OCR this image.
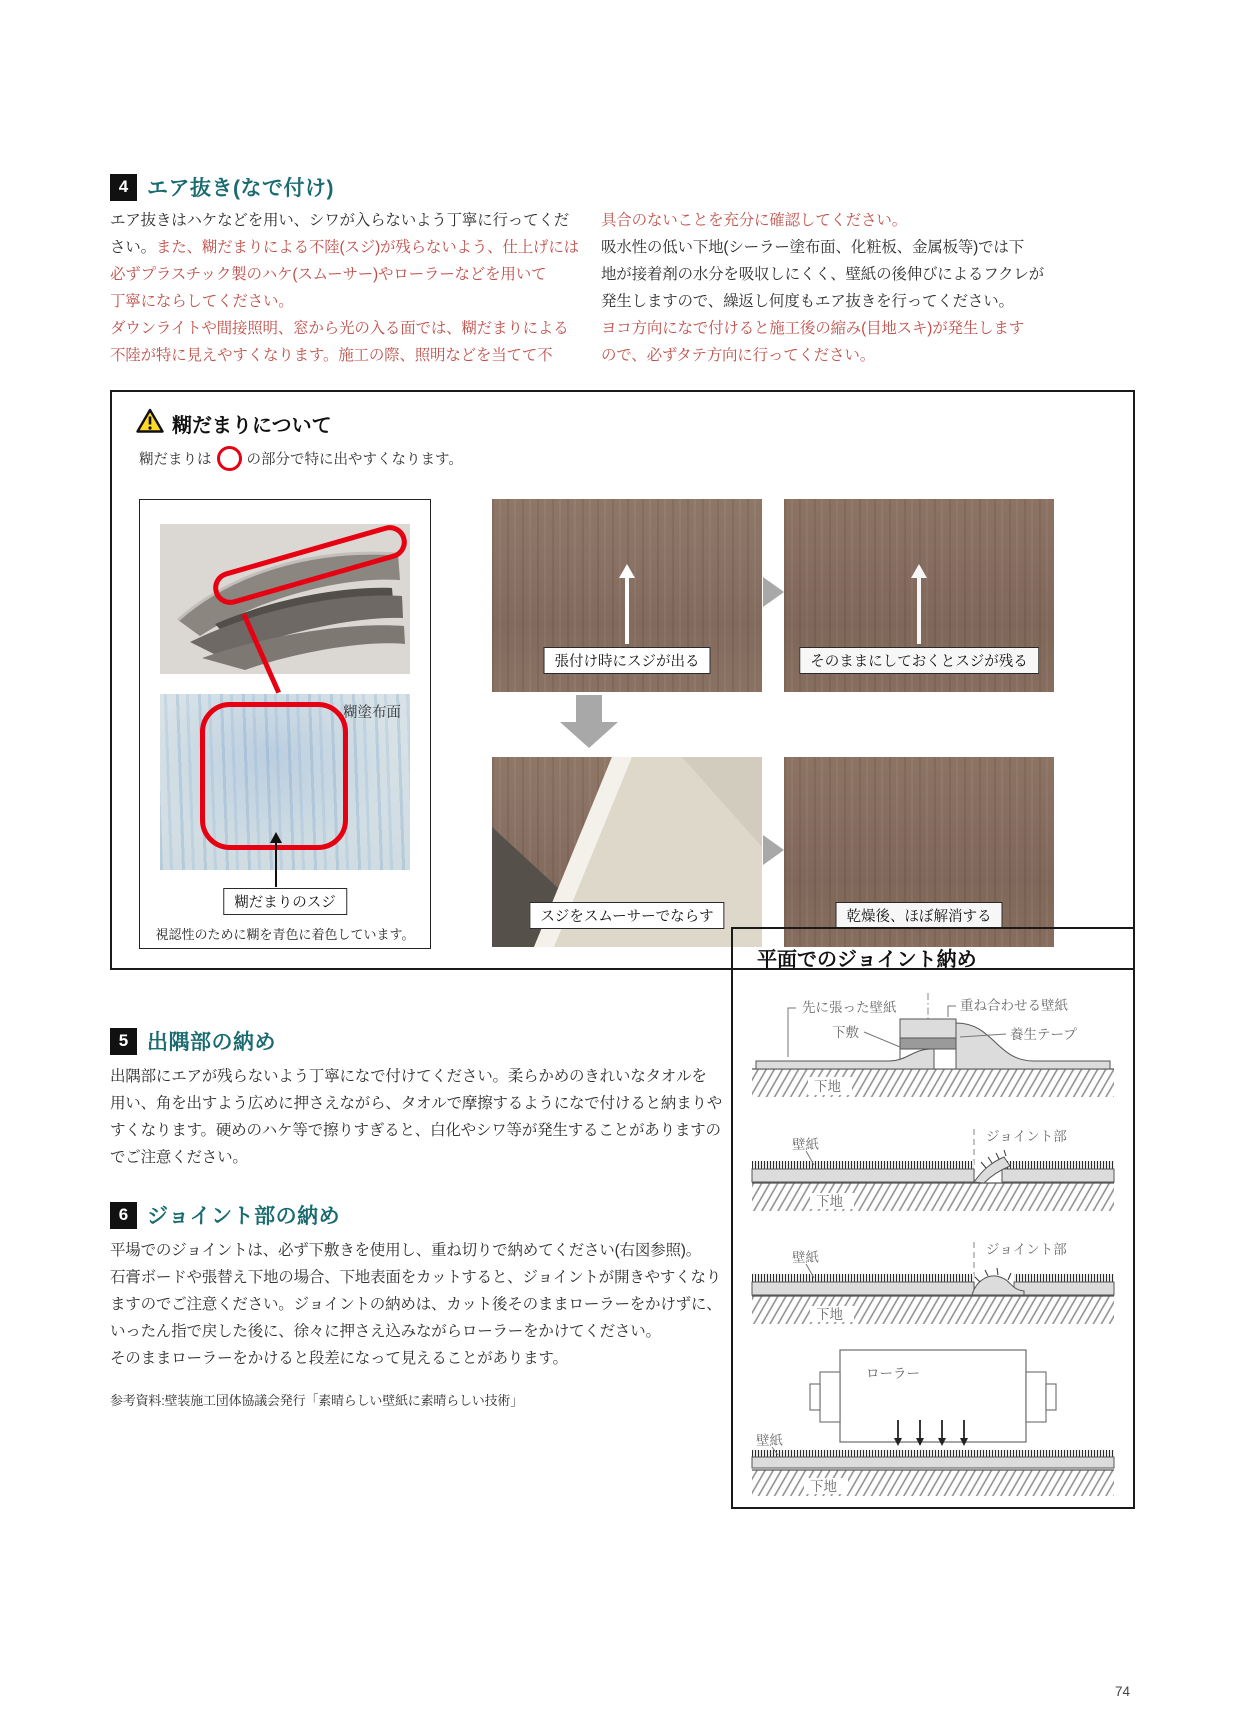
4 エア抜き(なで付け)
エア抜きはハケなどを用い、シワが入らないよう丁寧に行ってくだ
さい。また、糊だまりによる不陸(スジ)が残らないよう、仕上げには
必ずプラスチック製のハケ(スムーサー)やローラーなどを用いて
丁寧にならしてください。
ダウンライトや間接照明、窓から光の入る面では、糊だまりによる
不陸が特に見えやすくなります。施工の際、照明などを当てて不
具合のないことを充分に確認してください。
吸水性の低い下地(シーラー塗布面、化粧板、金属板等)では下
地が接着剤の水分を吸収しにくく、壁紙の後伸びによるフクレが
発生しますので、繰返し何度もエア抜きを行ってください。
ヨコ方向になで付けると施工後の縮み(目地スキ)が発生します
ので、必ずタテ方向に行ってください。
糊だまりについて
糊だまりは の部分で特に出やすくなります。
糊塗布面
糊だまりのスジ
視認性のために糊を青色に着色しています。
張付け時にスジが出る	そのままにしておくとスジが残る
スジをスムーサーでならす	乾燥後、ほぼ解消する
5 出隅部の納め
出隅部にエアが残らないよう丁寧になで付けてください。柔らかめのきれいなタオルを
用い、角を出すよう広めに押さえながら、タオルで摩擦するようになで付けると納まりや
すくなります。硬めのハケ等で擦りすぎると、白化やシワ等が発生することがありますの
でご注意ください。
6 ジョイント部の納め
平場でのジョイントは、必ず下敷きを使用し、重ね切りで納めてください(右図参照)。
石膏ボードや張替え下地の場合、下地表面をカットすると、ジョイントが開きやすくなり
ますのでご注意ください。ジョイントの納めは、カット後そのままローラーをかけずに、
いったん指で戻した後に、徐々に押さえ込みながらローラーをかけてください。
そのままローラーをかけると段差になって見えることがあります。
参考資料:壁装施工団体協議会発行「素晴らしい壁紙に素晴らしい技術」
平面でのジョイント納め
先に張った壁紙	重ね合わせる壁紙
下敷	養生テープ
下地
壁紙
ジョイント部
下地
壁紙
ジョイント部
下地
ローラー
壁紙
下地
74
